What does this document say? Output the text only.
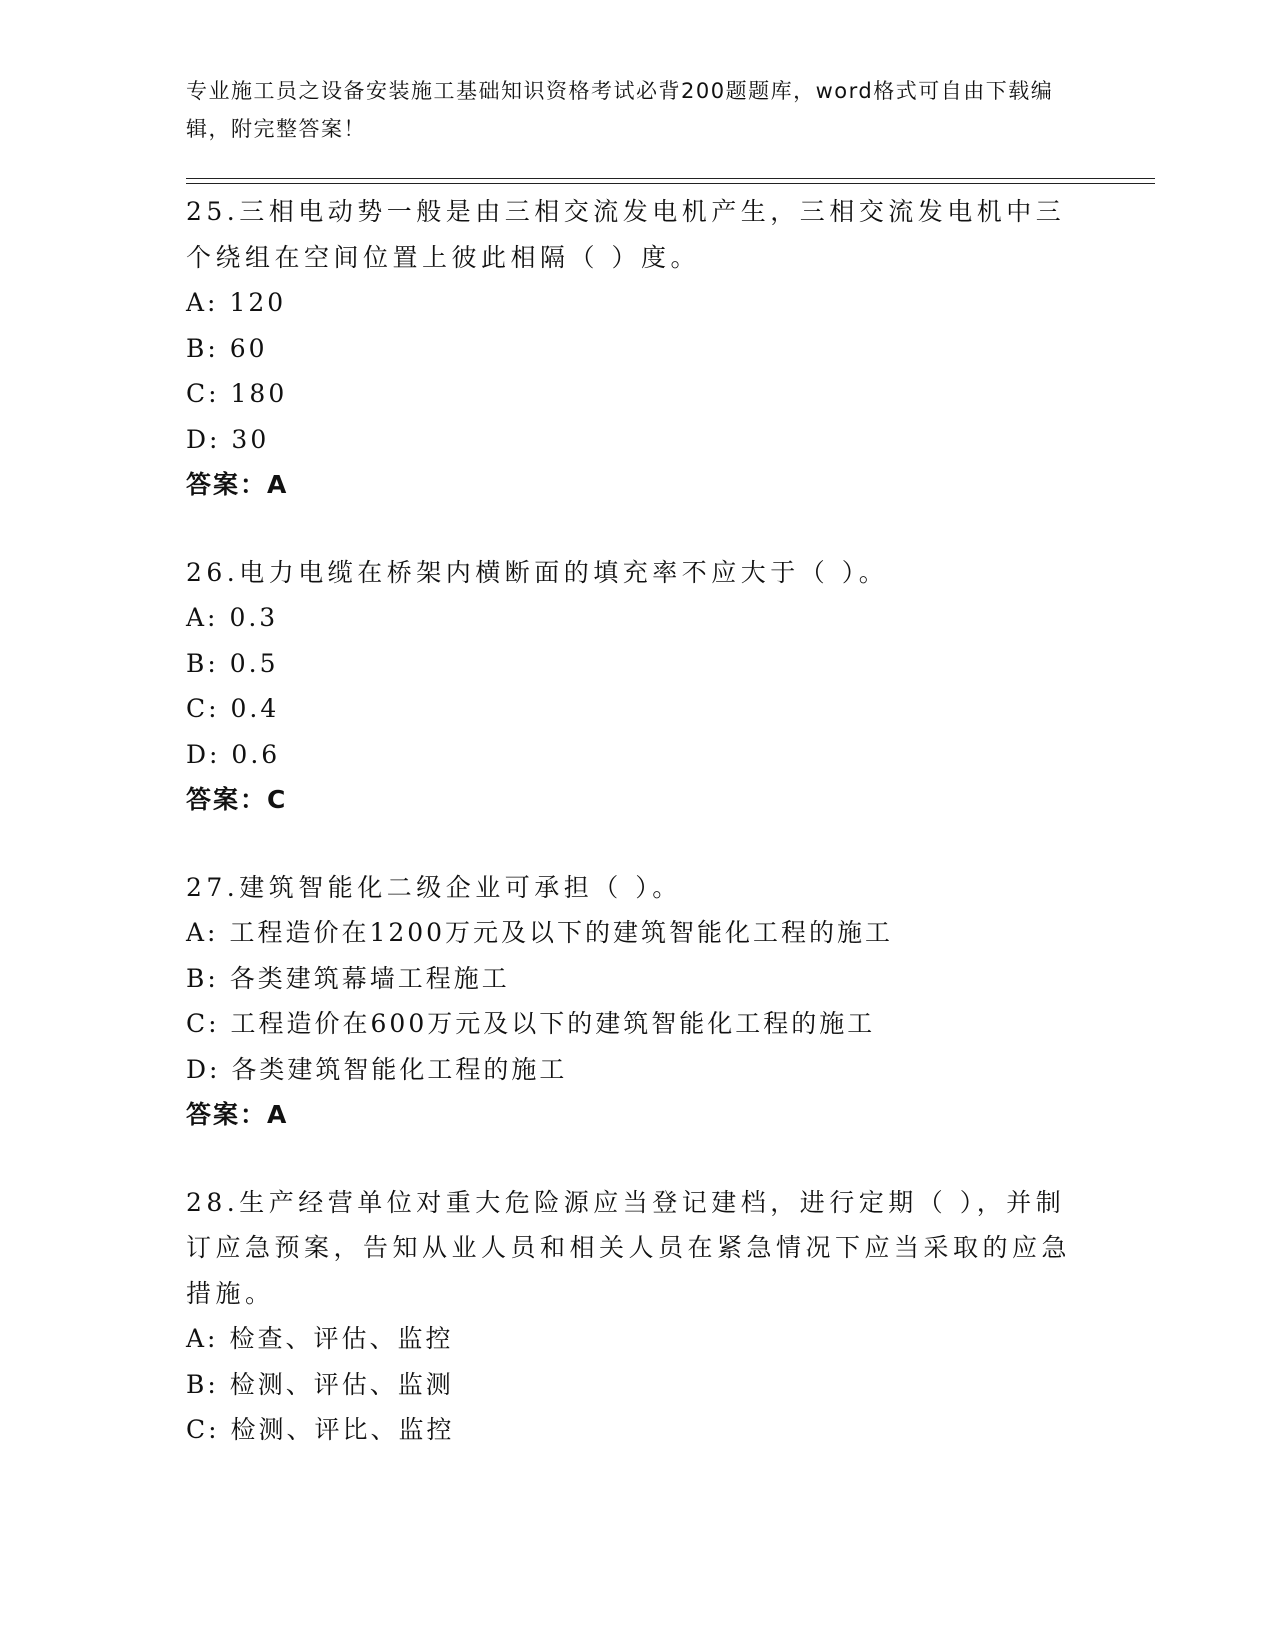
专业施工员之设备安装施工基础知识资格考试必背200题题库，word格式可自由下载编辑，附完整答案！

25.三相电动势一般是由三相交流发电机产生，三相交流发电机中三个绕组在空间位置上彼此相隔（ ）度。

A: 120

B: 60

C: 180

D: 30

答案：A

26.电力电缆在桥架内横断面的填充率不应大于（ ）。

A: 0.3

B: 0.5

C: 0.4

D: 0.6

答案：C

27.建筑智能化二级企业可承担（ ）。

A: 工程造价在1200万元及以下的建筑智能化工程的施工

B: 各类建筑幕墙工程施工

C: 工程造价在600万元及以下的建筑智能化工程的施工

D: 各类建筑智能化工程的施工

答案：A

28.生产经营单位对重大危险源应当登记建档，进行定期（ ），并制订应急预案，告知从业人员和相关人员在紧急情况下应当采取的应急措施。

A: 检查、评估、监控

B: 检测、评估、监测

C: 检测、评比、监控
